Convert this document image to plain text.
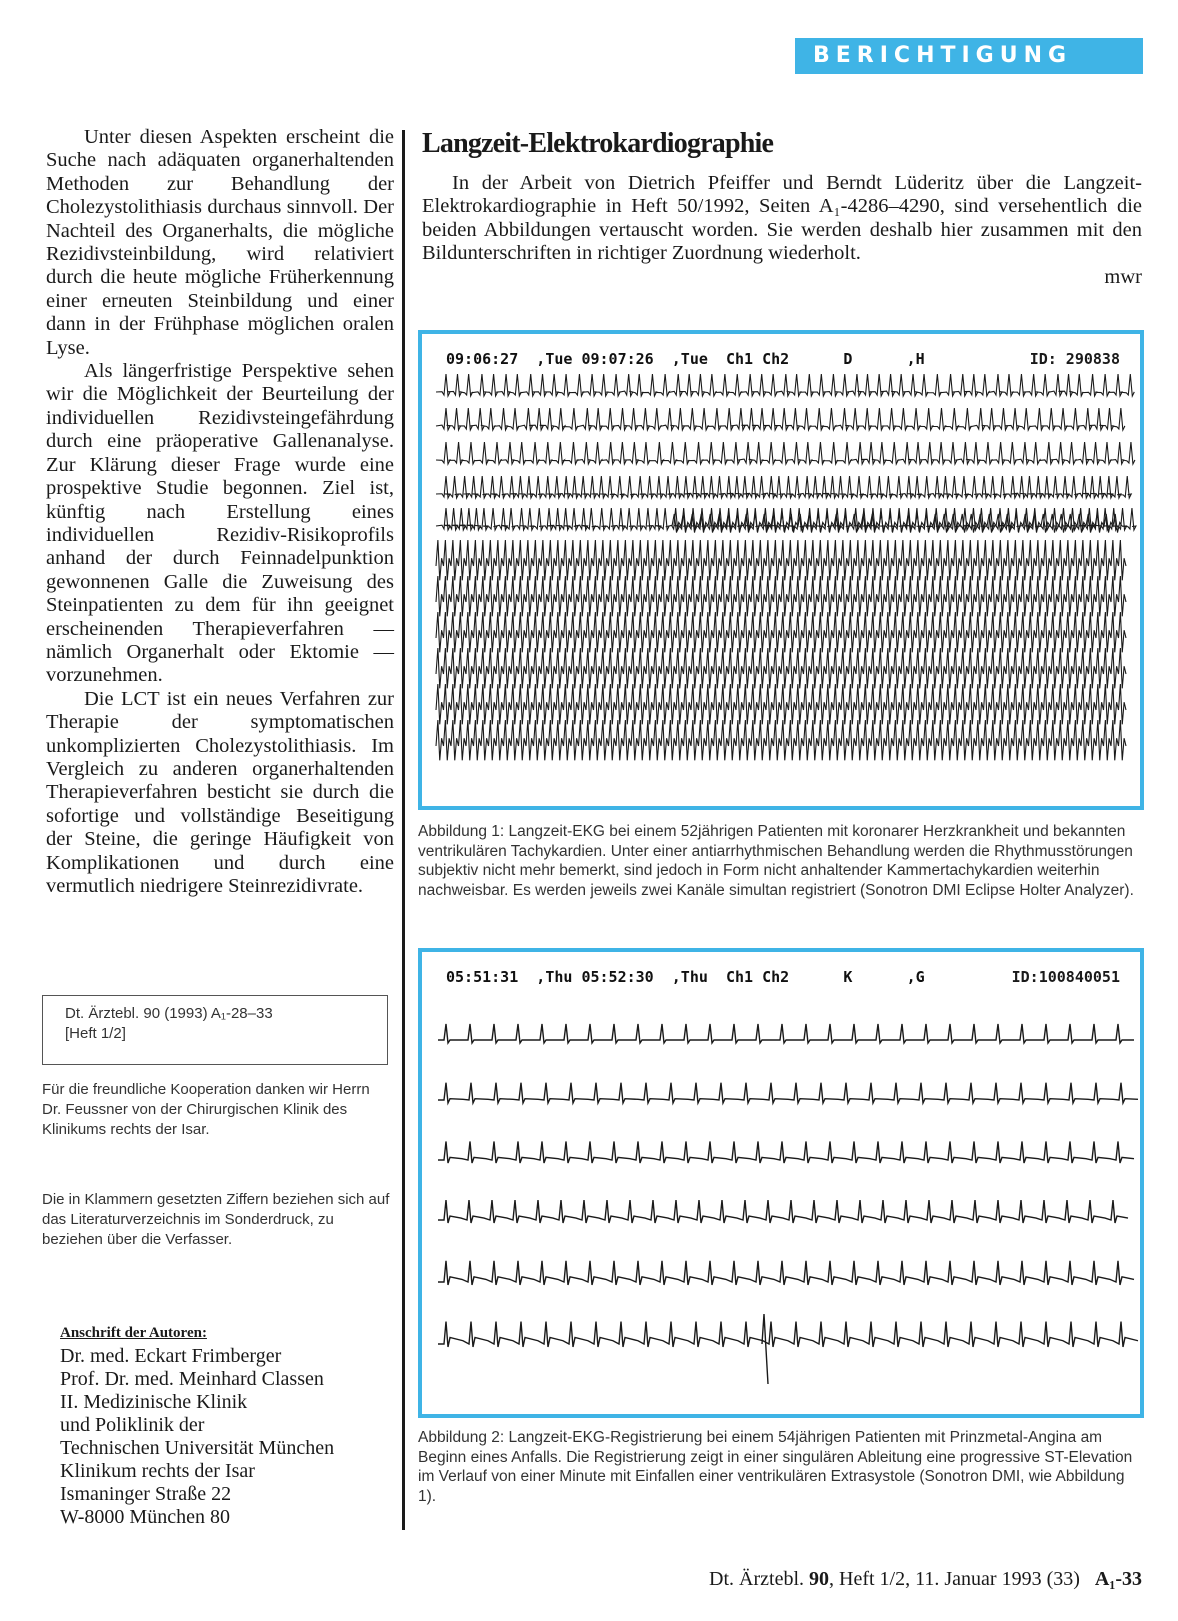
BERICHTIGUNG

Unter diesen Aspekten erscheint die Suche nach adäquaten organerhaltenden Methoden zur Behandlung der Cholezystolithiasis durchaus sinnvoll. Der Nachteil des Organerhalts, die mögliche Rezidivsteinbildung, wird relativiert durch die heute mögliche Früherkennung einer erneuten Steinbildung und einer dann in der Frühphase möglichen oralen Lyse.

Als längerfristige Perspektive sehen wir die Möglichkeit der Beurteilung der individuellen Rezidivsteingefährdung durch eine präoperative Gallenanalyse. Zur Klärung dieser Frage wurde eine prospektive Studie begonnen. Ziel ist, künftig nach Erstellung eines individuellen Rezidiv-Risikoprofils anhand der durch Feinnadelpunktion gewonnenen Galle die Zuweisung des Steinpatienten zu dem für ihn geeignet erscheinenden Therapieverfahren — nämlich Organerhalt oder Ektomie — vorzunehmen.

Die LCT ist ein neues Verfahren zur Therapie der symptomatischen unkomplizierten Cholezystolithiasis. Im Vergleich zu anderen organerhaltenden Therapieverfahren besticht sie durch die sofortige und vollständige Beseitigung der Steine, die geringe Häufigkeit von Komplikationen und durch eine vermutlich niedrigere Steinrezidivrate.

Dt. Ärztebl. 90 (1993) A₁-28–33
[Heft 1/2]
Für die freundliche Kooperation danken wir Herrn Dr. Feussner von der Chirurgischen Klinik des Klinikums rechts der Isar.
Die in Klammern gesetzten Ziffern beziehen sich auf das Literaturverzeichnis im Sonderdruck, zu beziehen über die Verfasser.
Anschrift der Autoren:
Dr. med. Eckart Frimberger
Prof. Dr. med. Meinhard Classen
II. Medizinische Klinik
und Poliklinik der
Technischen Universität München
Klinikum rechts der Isar
Ismaninger Straße 22
W-8000 München 80
Langzeit-Elektrokardiographie

In der Arbeit von Dietrich Pfeiffer und Berndt Lüderitz über die Langzeit-Elektrokardiographie in Heft 50/1992, Seiten A₁-4286–4290, sind versehentlich die beiden Abbildungen vertauscht worden. Sie werden deshalb hier zusammen mit den Bildunterschriften in richtiger Zuordnung wiederholt.

mwr
09:06:27  ,Tue 09:07:26  ,Tue  Ch1 Ch2      D      ,H	ID: 290838
Abbildung 1: Langzeit-EKG bei einem 52jährigen Patienten mit koronarer Herzkrankheit und bekannten ventrikulären Tachykardien. Unter einer antiarrhythmischen Behandlung werden die Rhythmusstörungen subjektiv nicht mehr bemerkt, sind jedoch in Form nicht anhaltender Kammertachykardien weiterhin nachweisbar. Es werden jeweils zwei Kanäle simultan registriert (Sonotron DMI Eclipse Holter Analyzer).
05:51:31  ,Thu 05:52:30  ,Thu  Ch1 Ch2      K      ,G	ID:100840051
Abbildung 2: Langzeit-EKG-Registrierung bei einem 54jährigen Patienten mit Prinzmetal-Angina am Beginn eines Anfalls. Die Registrierung zeigt in einer singulären Ableitung eine progressive ST-Elevation im Verlauf von einer Minute mit Einfallen einer ventrikulären Extrasystole (Sonotron DMI, wie Abbildung 1).
Dt. Ärztebl. 90, Heft 1/2, 11. Januar 1993 (33) A₁-33
